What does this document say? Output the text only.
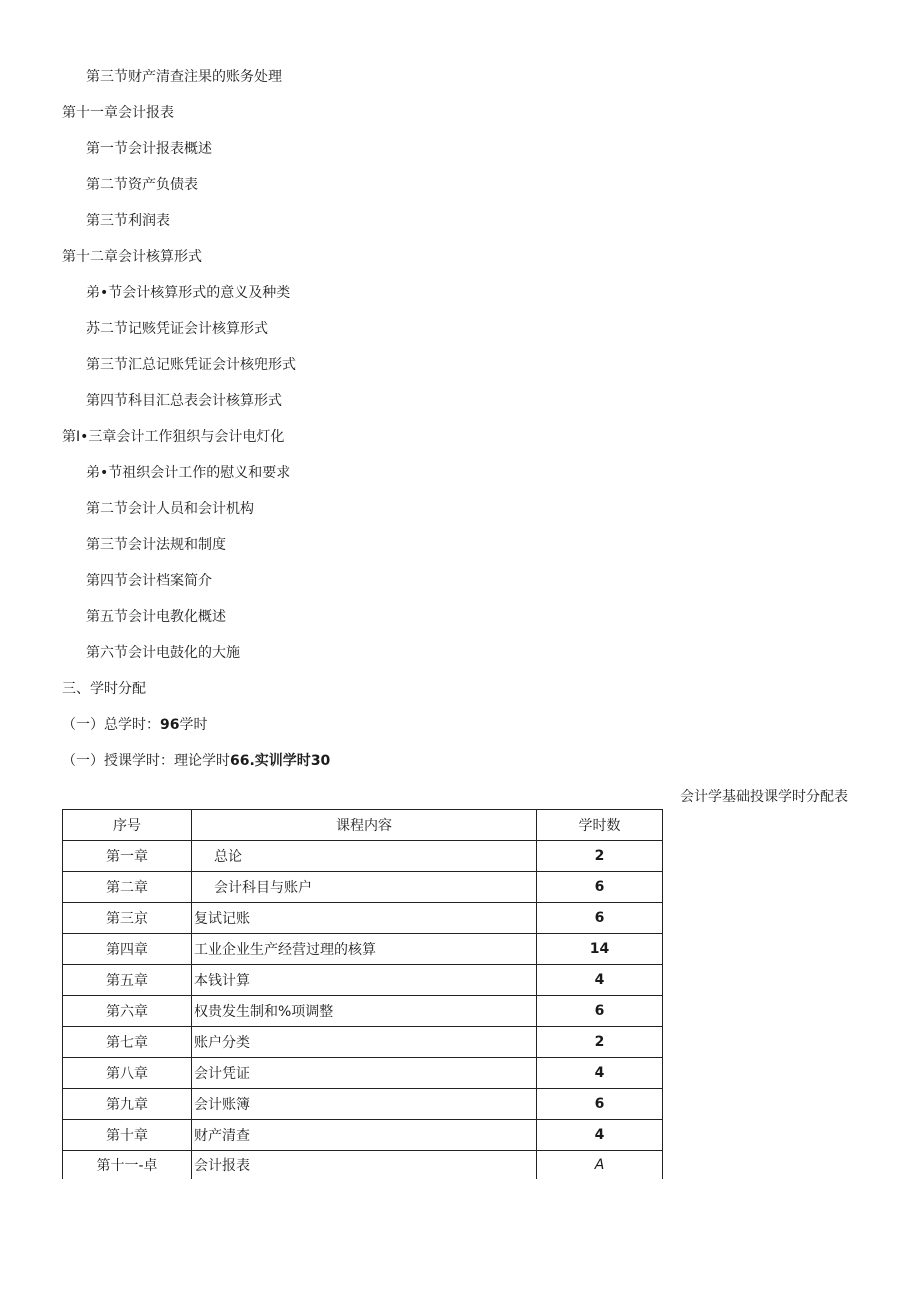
第三节财产清查注果的账务处理
第十一章会计报表
第一节会计报表概述
第二节资产负债表
第三节利润表
第十二章会计核算形式
弟•节会计核算形式的意义及种类
苏二节记赅凭证会计核算形式
第三节汇总记账凭证会计核兜形式
第四节科目汇总表会计核算形式
第I•三章会计工作狙织与会计电灯化
弟•节祖织会计工作的慰义和要求
第二节会计人员和会计机构
第三节会计法规和制度
第四节会计档案简介
第五节会计电教化概述
第六节会计电鼓化的大施
三、学时分配
（一）总学时：96学时
（一）授课学时：理论学时66.实训学时30
会计学基础投课学时分配表
序号	课程内容	学时数
第一章	总论	2
第二章	会计科目与账户	6
第三京	复试记账	6
第四章	工业企业生产经营过理的核算	14
第五章	本钱计算	4
第六章	权贵发生制和%项调整	6
第七章	账户分类	2
第八章	会计凭证	4
第九章	会计账簿	6
第十章	财产清查	4
第十一-卓	会计报表	A
